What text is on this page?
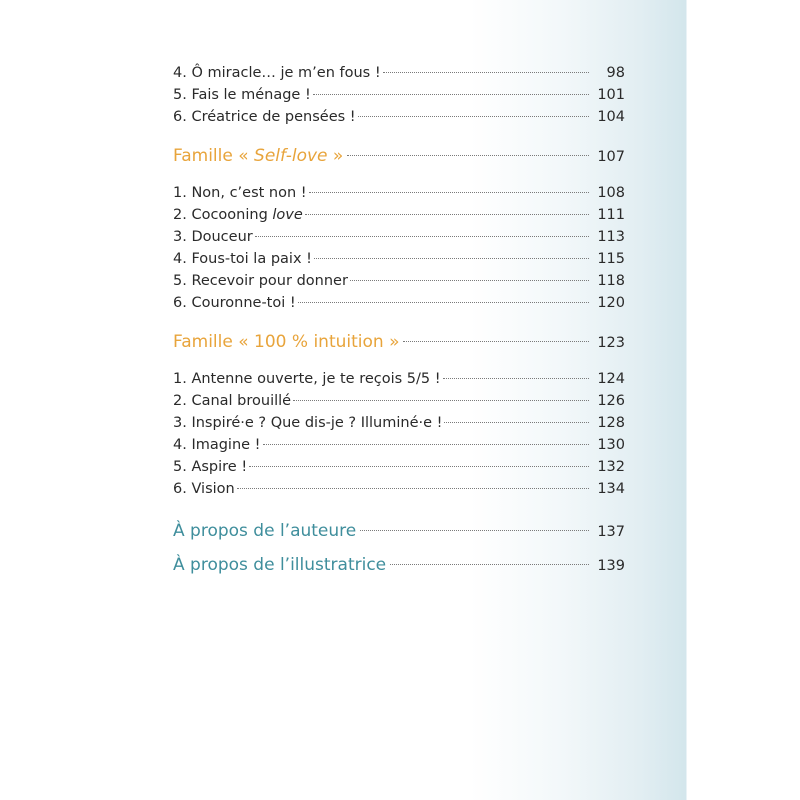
4. Ô miracle… je m’en fous !	98
5. Fais le ménage !	101
6. Créatrice de pensées !	104
Famille « Self-love »	107
1. Non, c’est non !	108
2. Cocooning love	111
3. Douceur	113
4. Fous-toi la paix !	115
5. Recevoir pour donner	118
6. Couronne-toi !	120
Famille « 100 % intuition »	123
1. Antenne ouverte, je te reçois 5/5 !	124
2. Canal brouillé	126
3. Inspiré·e ? Que dis-je ? Illuminé·e !	128
4. Imagine !	130
5. Aspire !	132
6. Vision	134
À propos de l’auteure	137
À propos de l’illustratrice	139
